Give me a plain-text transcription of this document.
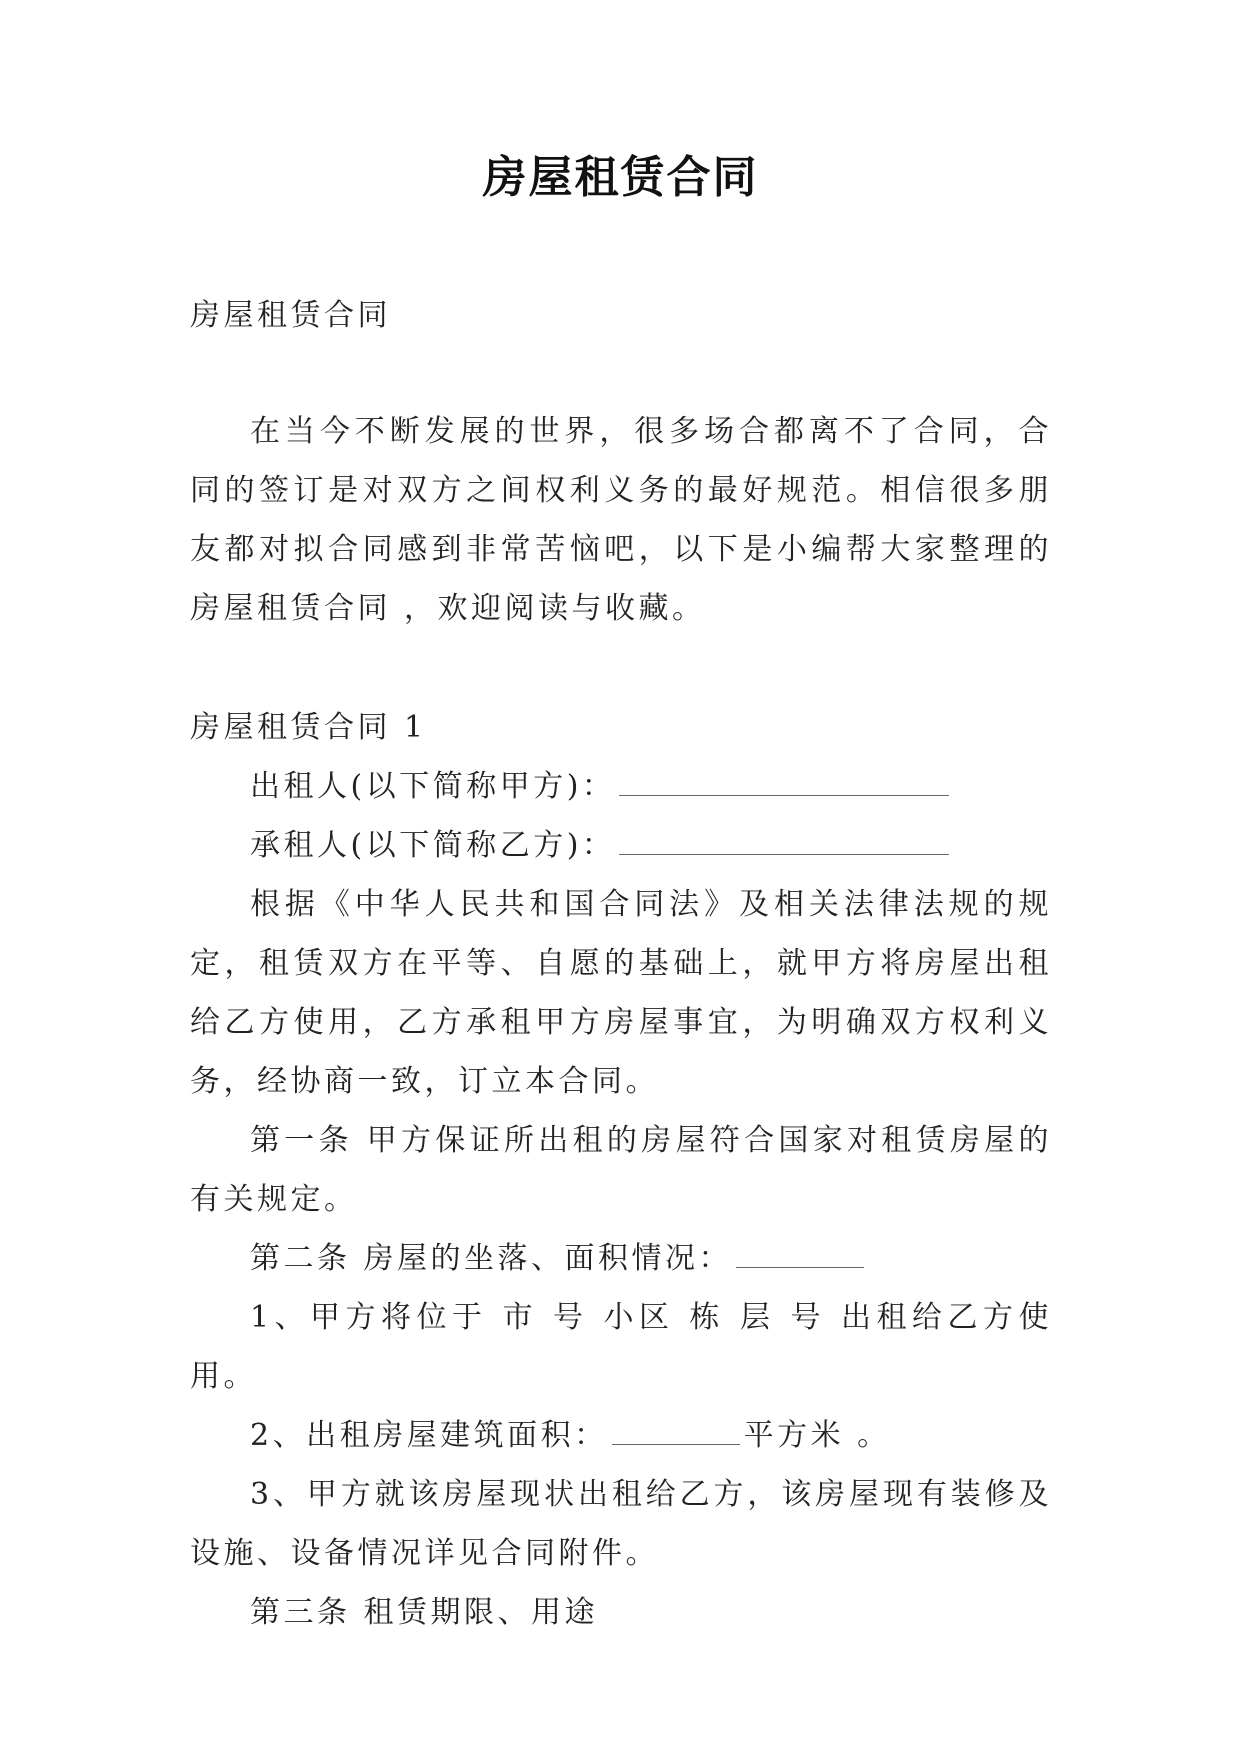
房屋租赁合同

房屋租赁合同

在当今不断发展的世界，很多场合都离不了合同，合同的签订是对双方之间权利义务的最好规范。相信很多朋友都对拟合同感到非常苦恼吧，以下是小编帮大家整理的房屋租赁合同 ，欢迎阅读与收藏。

房屋租赁合同 1

出租人(以下简称甲方)：

承租人(以下简称乙方)：

根据《中华人民共和国合同法》及相关法律法规的规定，租赁双方在平等、自愿的基础上，就甲方将房屋出租给乙方使用，乙方承租甲方房屋事宜，为明确双方权利义务，经协商一致，订立本合同。

第一条 甲方保证所出租的房屋符合国家对租赁房屋的有关规定。

第二条 房屋的坐落、面积情况：

1、甲方将位于 市 号 小区 栋 层 号 出租给乙方使用。

2、出租房屋建筑面积：	平方米 。

3、甲方就该房屋现状出租给乙方，该房屋现有装修及设施、设备情况详见合同附件。

第三条 租赁期限、用途
